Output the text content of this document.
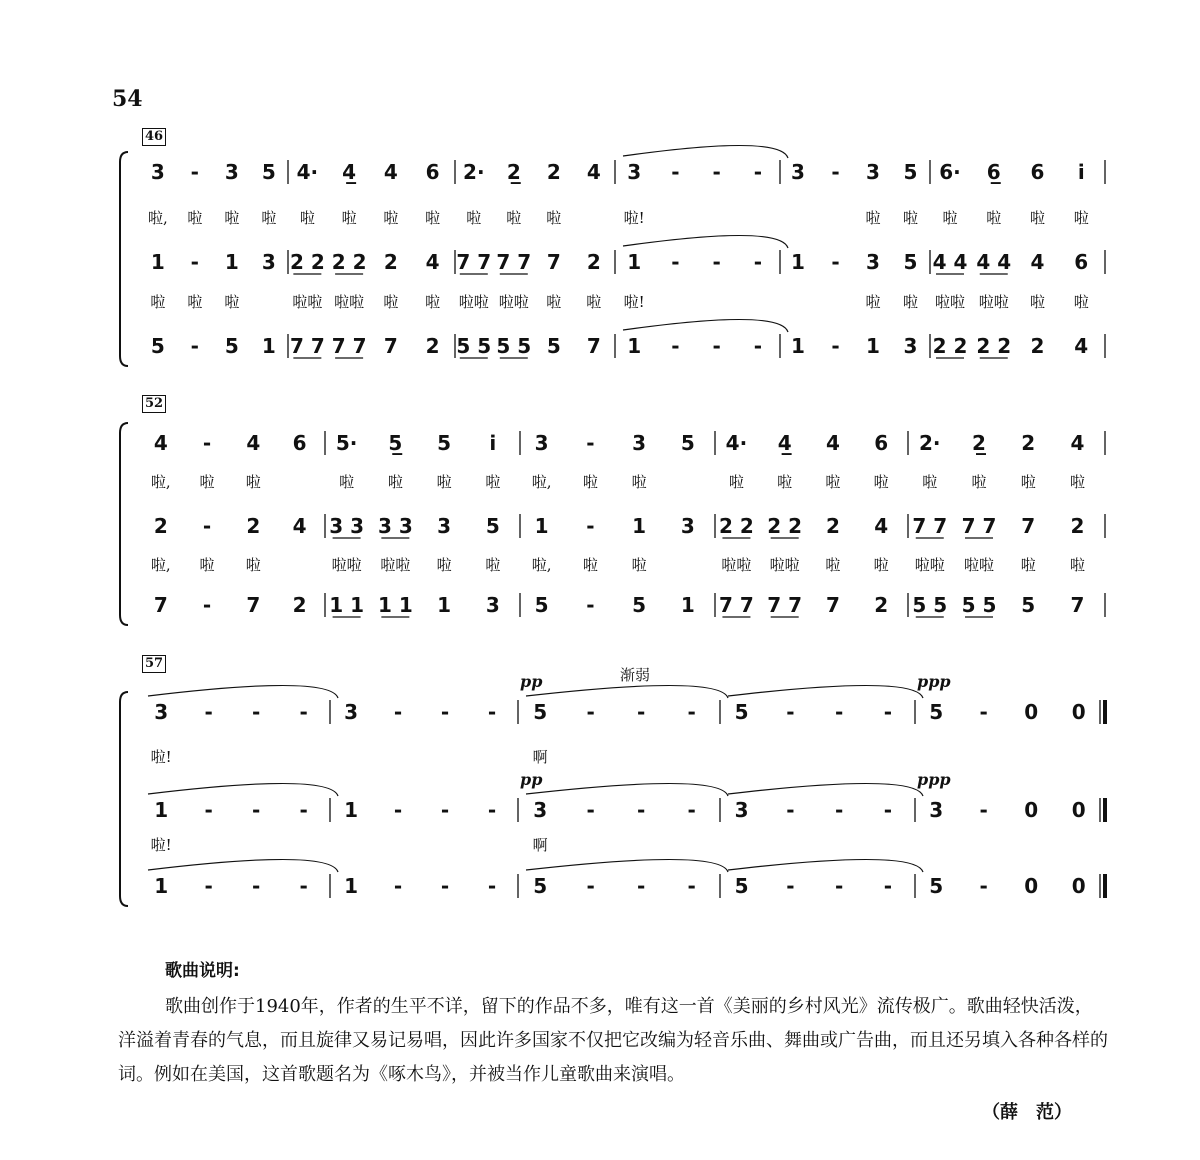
54
46
3 - 3 5 4· 4̲ 4 6 2· 2̲ 2 4 3 - - - 3 - 3 5 6· 6̲ 6 i̇
啦, 啦 啦 啦 啦 啦 啦 啦 啦 啦 啦	啦!	啦 啦 啦 啦 啦 啦
1 - 1 3 2 2 2 2 2 4 7 7 7 7 7 2 1 - - - 1 - 3 5 4 4 4 4 4 6
啦 啦 啦	啦啦 啦啦 啦 啦 啦啦 啦啦 啦 啦 啦!	啦 啦 啦啦 啦啦 啦 啦
5 - 5 1 7 7 7 7 7 2 5 5 5 5 5 7 1 - - - 1 - 1 3 2 2 2 2 2 4
52
4 - 4 6 5· 5̲ 5 i̇ 3 - 3 5 4· 4̲ 4 6 2· 2̲ 2 4
啦, 啦 啦	啦 啦 啦 啦 啦, 啦 啦	啦 啦 啦 啦 啦 啦 啦 啦
2 - 2 4 3 3 3 3 3 5 1 - 1 3 2 2 2 2 2 4 7 7 7 7 7 2
啦, 啦 啦	啦啦 啦啦 啦 啦 啦, 啦 啦	啦啦 啦啦 啦 啦 啦啦 啦啦 啦 啦
7 - 7 2 1 1 1 1 1 3 5 - 5 1 7 7 7 7 7 2 5 5 5 5 5 7
57
3 - - - 3 - - - 5 - - - 5 - - - 5 - 0 0
啦!	啊
1 - - - 1 - - - 3 - - - 3 - - - 3 - 0 0
啦!	啊
1 - - - 1 - - - 5 - - - 5 - - - 5 - 0 0
pp	ppp
pp	ppp
渐弱
歌曲说明:
歌曲创作于1940年，作者的生平不详，留下的作品不多，唯有这一首《美丽的乡村风光》流传极广。歌曲轻快活泼，洋溢着青春的气息，而且旋律又易记易唱，因此许多国家不仅把它改编为轻音乐曲、舞曲或广告曲，而且还另填入各种各样的词。例如在美国，这首歌题名为《啄木鸟》，并被当作儿童歌曲来演唱。
（薛　范）
